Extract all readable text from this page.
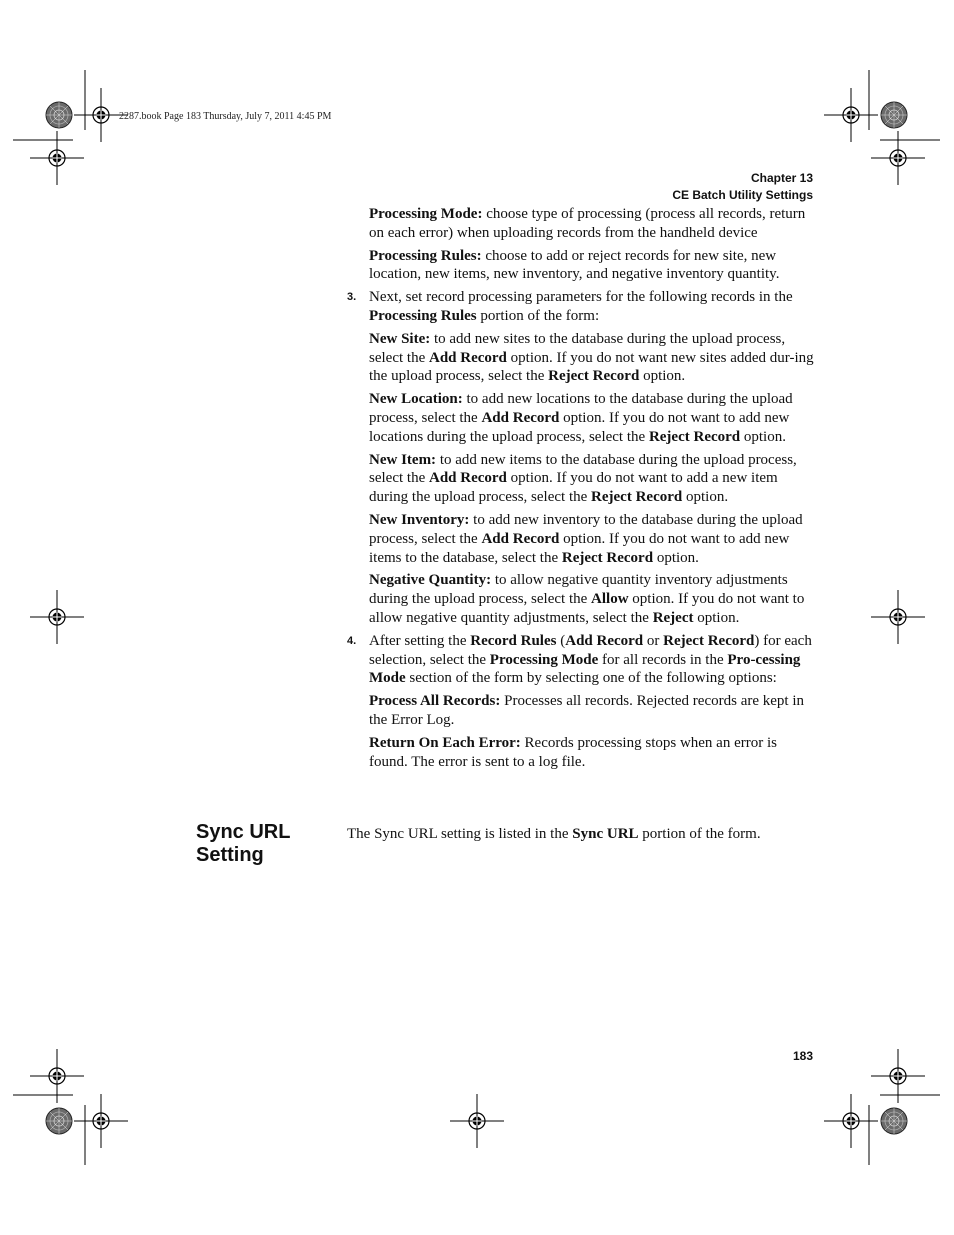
2287.book Page 183 Thursday, July 7, 2011 4:45 PM
Chapter 13
CE Batch Utility Settings

Processing Mode: choose type of processing (process all records, return on each error) when uploading records from the handheld device

Processing Rules: choose to add or reject records for new site, new location, new items, new inventory, and negative inventory quantity.

3. Next, set record processing parameters for the following records in the Processing Rules portion of the form:

New Site: to add new sites to the database during the upload process, select the Add Record option. If you do not want new sites added dur-ing the upload process, select the Reject Record option.

New Location: to add new locations to the database during the upload process, select the Add Record option. If you do not want to add new locations during the upload process, select the Reject Record option.

New Item: to add new items to the database during the upload process, select the Add Record option. If you do not want to add a new item during the upload process, select the Reject Record option.

New Inventory: to add new inventory to the database during the upload process, select the Add Record option. If you do not want to add new items to the database, select the Reject Record option.

Negative Quantity: to allow negative quantity inventory adjustments during the upload process, select the Allow option. If you do not want to allow negative quantity adjustments, select the Reject option.

4. After setting the Record Rules (Add Record or Reject Record) for each selection, select the Processing Mode for all records in the Pro-cessing Mode section of the form by selecting one of the following options:

Process All Records: Processes all records. Rejected records are kept in the Error Log.

Return On Each Error: Records processing stops when an error is found. The error is sent to a log file.

Sync URL
Setting
The Sync URL setting is listed in the Sync URL portion of the form.
183
